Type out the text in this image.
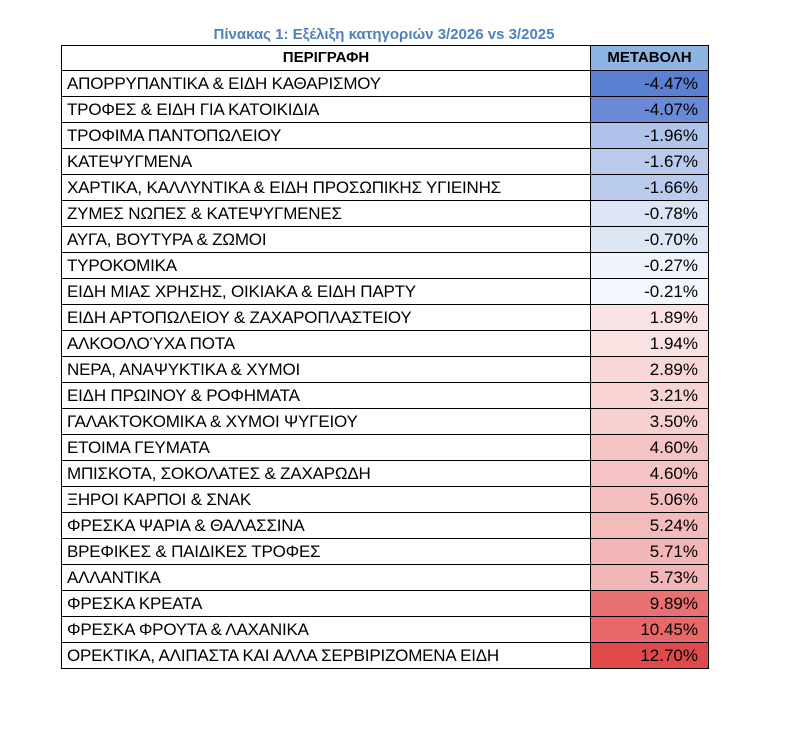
Πίνακας 1: Εξέλιξη κατηγοριών 3/2026 vs 3/2025
ΠΕΡΙΓΡΑΦΗ	ΜΕΤΑΒΟΛΗ
ΑΠΟΡΡΥΠΑΝΤΙΚΑ & ΕΙΔΗ ΚΑΘΑΡΙΣΜΟΥ	-4.47%
ΤΡΟΦΕΣ & ΕΙΔΗ ΓΙΑ ΚΑΤΟΙΚΙΔΙΑ	-4.07%
ΤΡΟΦΙΜΑ ΠΑΝΤΟΠΩΛΕΙΟΥ	-1.96%
ΚΑΤΕΨΥΓΜΕΝΑ	-1.67%
ΧΑΡΤΙΚΑ, ΚΑΛΛΥΝΤΙΚΑ & ΕΙΔΗ ΠΡΟΣΩΠΙΚΗΣ ΥΓΙΕΙΝΗΣ	-1.66%
ΖΥΜΕΣ ΝΩΠΕΣ & ΚΑΤΕΨΥΓΜΕΝΕΣ	-0.78%
ΑΥΓΑ, ΒΟΥΤΥΡΑ & ΖΩΜΟΙ	-0.70%
ΤΥΡΟΚΟΜΙΚΑ	-0.27%
ΕΙΔΗ ΜΙΑΣ ΧΡΗΣΗΣ, ΟΙΚΙΑΚΑ & ΕΙΔΗ ΠΑΡΤΥ	-0.21%
ΕΙΔΗ ΑΡΤΟΠΩΛΕΙΟΥ & ΖΑΧΑΡΟΠΛΑΣΤΕΙΟΥ	1.89%
ΑΛΚΟΟΛΟΎΧΑ ΠΟΤΑ	1.94%
ΝΕΡΑ, ΑΝΑΨΥΚΤΙΚΑ & ΧΥΜΟΙ	2.89%
ΕΙΔΗ ΠΡΩΙΝΟΥ & ΡΟΦΗΜΑΤΑ	3.21%
ΓΑΛΑΚΤΟΚΟΜΙΚΑ & ΧΥΜΟΙ ΨΥΓΕΙΟΥ	3.50%
ΕΤΟΙΜΑ ΓΕΥΜΑΤΑ	4.60%
ΜΠΙΣΚΟΤΑ, ΣΟΚΟΛΑΤΕΣ & ΖΑΧΑΡΩΔΗ	4.60%
ΞΗΡΟΙ ΚΑΡΠΟΙ & ΣΝΑΚ	5.06%
ΦΡΕΣΚΑ ΨΑΡΙΑ & ΘΑΛΑΣΣΙΝΑ	5.24%
ΒΡΕΦΙΚΕΣ & ΠΑΙΔΙΚΕΣ ΤΡΟΦΕΣ	5.71%
ΑΛΛΑΝΤΙΚΑ	5.73%
ΦΡΕΣΚΑ ΚΡΕΑΤΑ	9.89%
ΦΡΕΣΚΑ ΦΡΟΥΤΑ & ΛΑΧΑΝΙΚΑ	10.45%
ΟΡΕΚΤΙΚΑ, ΑΛΙΠΑΣΤΑ ΚΑΙ ΑΛΛΑ ΣΕΡΒΙΡΙΖΟΜΕΝΑ ΕΙΔΗ	12.70%
